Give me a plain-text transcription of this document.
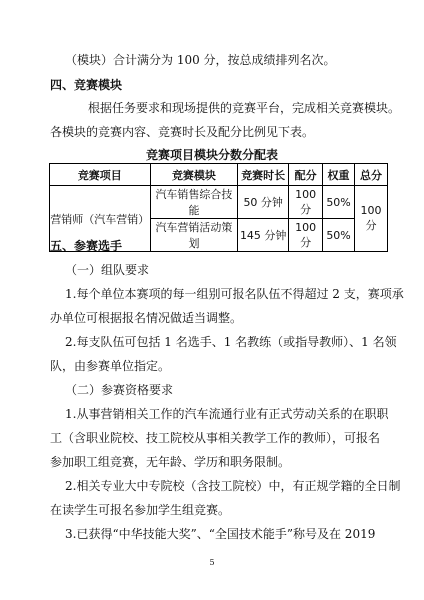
（模块）合计满分为 100 分，按总成绩排列名次。
四、竞赛模块
根据任务要求和现场提供的竞赛平台，完成相关竞赛模块。
各模块的竞赛内容、竞赛时长及配分比例见下表。
竞赛项目模块分数分配表
竞赛项目	竞赛模块	竞赛时长	配分	权重	总分
营销师（汽车营销）	汽车销售综合技能	50 分钟	100 分	50%	100 分
	汽车营销活动策划	145 分钟	100 分	50%	
五、参赛选手
（一）组队要求
1.每个单位本赛项的每一组别可报名队伍不得超过 2 支，赛项承
办单位可根据报名情况做适当调整。
2.每支队伍可包括 1 名选手、1 名教练（或指导教师）、1 名领
队，由参赛单位指定。
（二）参赛资格要求
1.从事营销相关工作的汽车流通行业有正式劳动关系的在职职
工（含职业院校、技工院校从事相关教学工作的教师），可报名
参加职工组竞赛，无年龄、学历和职务限制。
2.相关专业大中专院校（含技工院校）中，有正规学籍的全日制
在读学生可报名参加学生组竞赛。
3.已获得“中华技能大奖”、“全国技术能手”称号及在 2019
5
